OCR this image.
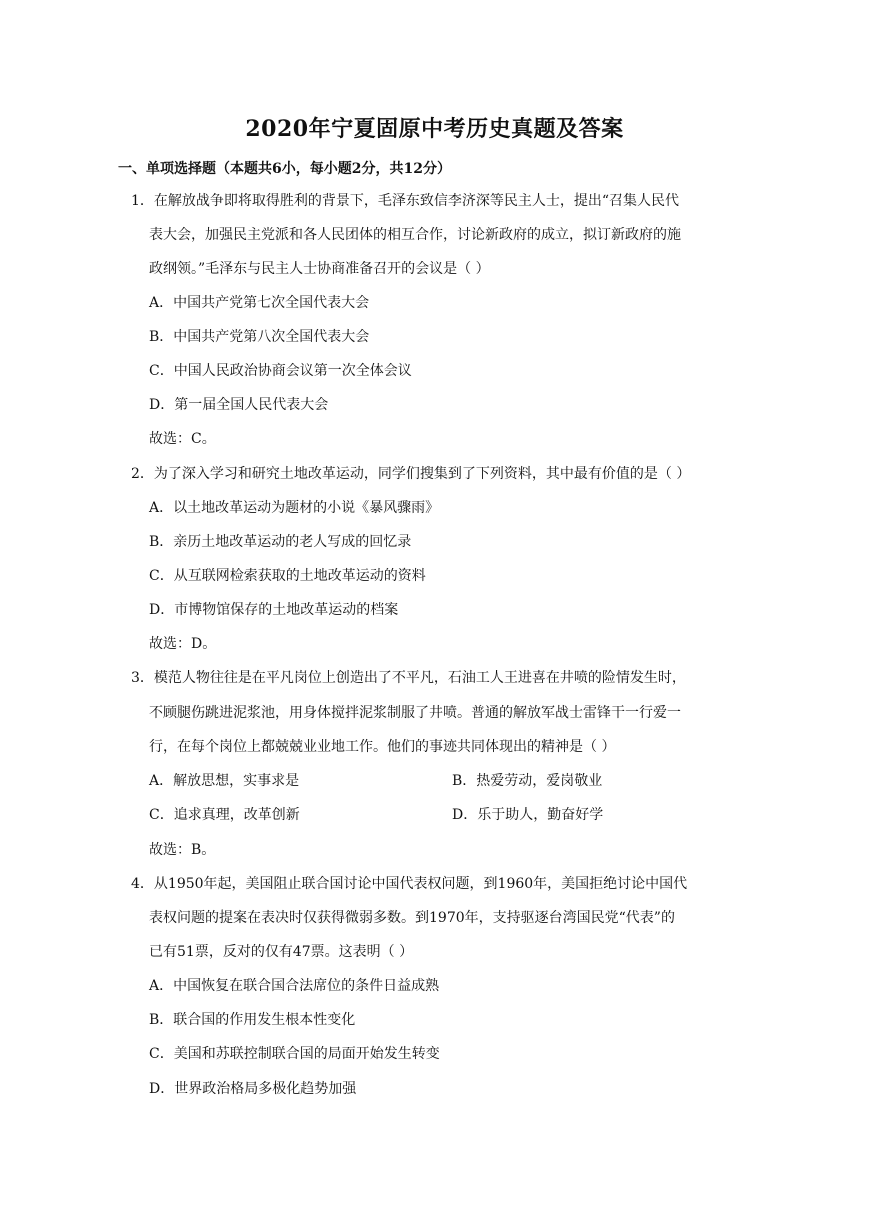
2020年宁夏固原中考历史真题及答案
一、单项选择题（本题共6小，每小题2分，共12分）
1．在解放战争即将取得胜利的背景下，毛泽东致信李济深等民主人士，提出“召集人民代
表大会，加强民主党派和各人民团体的相互合作，讨论新政府的成立，拟订新政府的施
政纲领。”毛泽东与民主人士协商准备召开的会议是（ ）
A．中国共产党第七次全国代表大会
B．中国共产党第八次全国代表大会
C．中国人民政治协商会议第一次全体会议
D．第一届全国人民代表大会
故选：C。
2．为了深入学习和研究土地改革运动，同学们搜集到了下列资料，其中最有价值的是（ ）
A．以土地改革运动为题材的小说《暴风骤雨》
B．亲历土地改革运动的老人写成的回忆录
C．从互联网检索获取的土地改革运动的资料
D．市博物馆保存的土地改革运动的档案
故选：D。
3．模范人物往往是在平凡岗位上创造出了不平凡，石油工人王进喜在井喷的险情发生时，
不顾腿伤跳进泥浆池，用身体搅拌泥浆制服了井喷。普通的解放军战士雷锋干一行爱一
行，在每个岗位上都兢兢业业地工作。他们的事迹共同体现出的精神是（ ）
A．解放思想，实事求是	B．热爱劳动，爱岗敬业
C．追求真理，改革创新	D．乐于助人，勤奋好学
故选：B。
4．从1950年起，美国阻止联合国讨论中国代表权问题，到1960年，美国拒绝讨论中国代
表权问题的提案在表决时仅获得微弱多数。到1970年，支持驱逐台湾国民党“代表”的
已有51票，反对的仅有47票。这表明（ ）
A．中国恢复在联合国合法席位的条件日益成熟
B．联合国的作用发生根本性变化
C．美国和苏联控制联合国的局面开始发生转变
D．世界政治格局多极化趋势加强
